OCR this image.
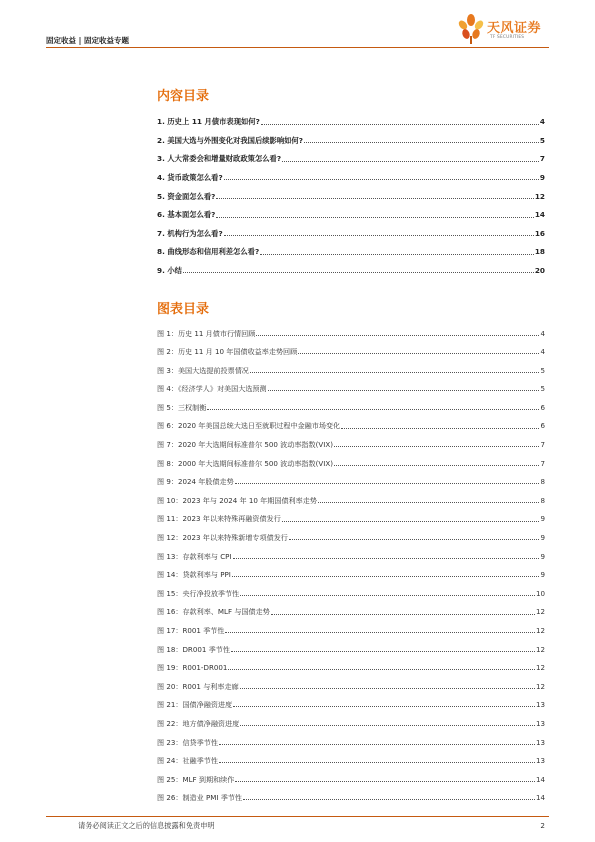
固定收益 | 固定收益专题
天风证券
TF SECURITIES
内容目录
1. 历史上 11 月债市表现如何?	4
2. 美国大选与外围变化对我国后续影响如何?	5
3. 人大常委会和增量财政政策怎么看?	7
4. 货币政策怎么看?	9
5. 资金面怎么看?	12
6. 基本面怎么看?	14
7. 机构行为怎么看?	16
8. 曲线形态和信用利差怎么看?	18
9. 小结	20
图表目录
图 1：历史 11 月债市行情回顾	4
图 2：历史 11 月 10 年国债收益率走势回顾	4
图 3：美国大选提前投票情况	5
图 4：《经济学人》对美国大选预测	5
图 5：三权制衡	6
图 6：2020 年美国总统大选日至就职过程中金融市场变化	6
图 7：2020 年大选期间标准普尔 500 波动率指数(VIX)	7
图 8：2000 年大选期间标准普尔 500 波动率指数(VIX)	7
图 9：2024 年股债走势	8
图 10：2023 年与 2024 年 10 年期国债利率走势	8
图 11：2023 年以来特殊再融资债发行	9
图 12：2023 年以来特殊新增专项债发行	9
图 13：存款利率与 CPI	9
图 14：贷款利率与 PPI	9
图 15：央行净投放季节性	10
图 16：存款利率、MLF 与国债走势	12
图 17：R001 季节性	12
图 18：DR001 季节性	12
图 19：R001-DR001	12
图 20：R001 与利率走廊	12
图 21：国债净融资进度	13
图 22：地方债净融资进度	13
图 23：信贷季节性	13
图 24：社融季节性	13
图 25：MLF 到期和续作	14
图 26：制造业 PMI 季节性	14
请务必阅读正文之后的信息披露和免责申明	2
